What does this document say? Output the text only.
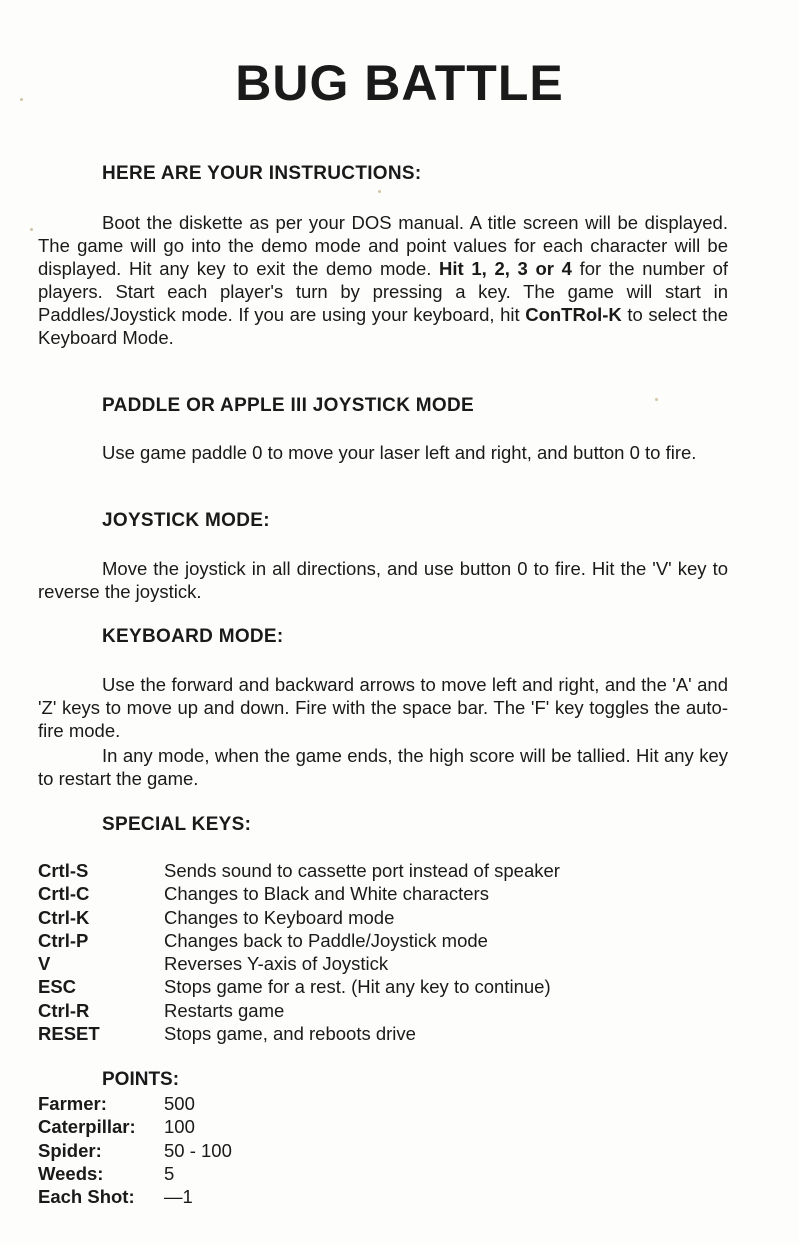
BUG BATTLE
HERE ARE YOUR INSTRUCTIONS:

Boot the diskette as per your DOS manual. A title screen will be displayed. The game will go into the demo mode and point values for each character will be displayed. Hit any key to exit the demo mode. Hit 1, 2, 3 or 4 for the number of players. Start each player's turn by pressing a key. The game will start in Paddles/Joystick mode. If you are using your keyboard, hit ConTRol-K to select the Keyboard Mode.

PADDLE OR APPLE III JOYSTICK MODE

Use game paddle 0 to move your laser left and right, and button 0 to fire.

JOYSTICK MODE:

Move the joystick in all directions, and use button 0 to fire. Hit the 'V' key to reverse the joystick.

KEYBOARD MODE:

Use the forward and backward arrows to move left and right, and the 'A' and 'Z' keys to move up and down. Fire with the space bar. The 'F' key toggles the auto-fire mode.

In any mode, when the game ends, the high score will be tallied. Hit any key to restart the game.

SPECIAL KEYS:
Crtl-S	Sends sound to cassette port instead of speaker
Crtl-C	Changes to Black and White characters
Ctrl-K	Changes to Keyboard mode
Ctrl-P	Changes back to Paddle/Joystick mode
V	Reverses Y-axis of Joystick
ESC	Stops game for a rest. (Hit any key to continue)
Ctrl-R	Restarts game
RESET	Stops game, and reboots drive
POINTS:
Farmer:	500
Caterpillar:	100
Spider:	50 - 100
Weeds:	5
Each Shot:	—1
